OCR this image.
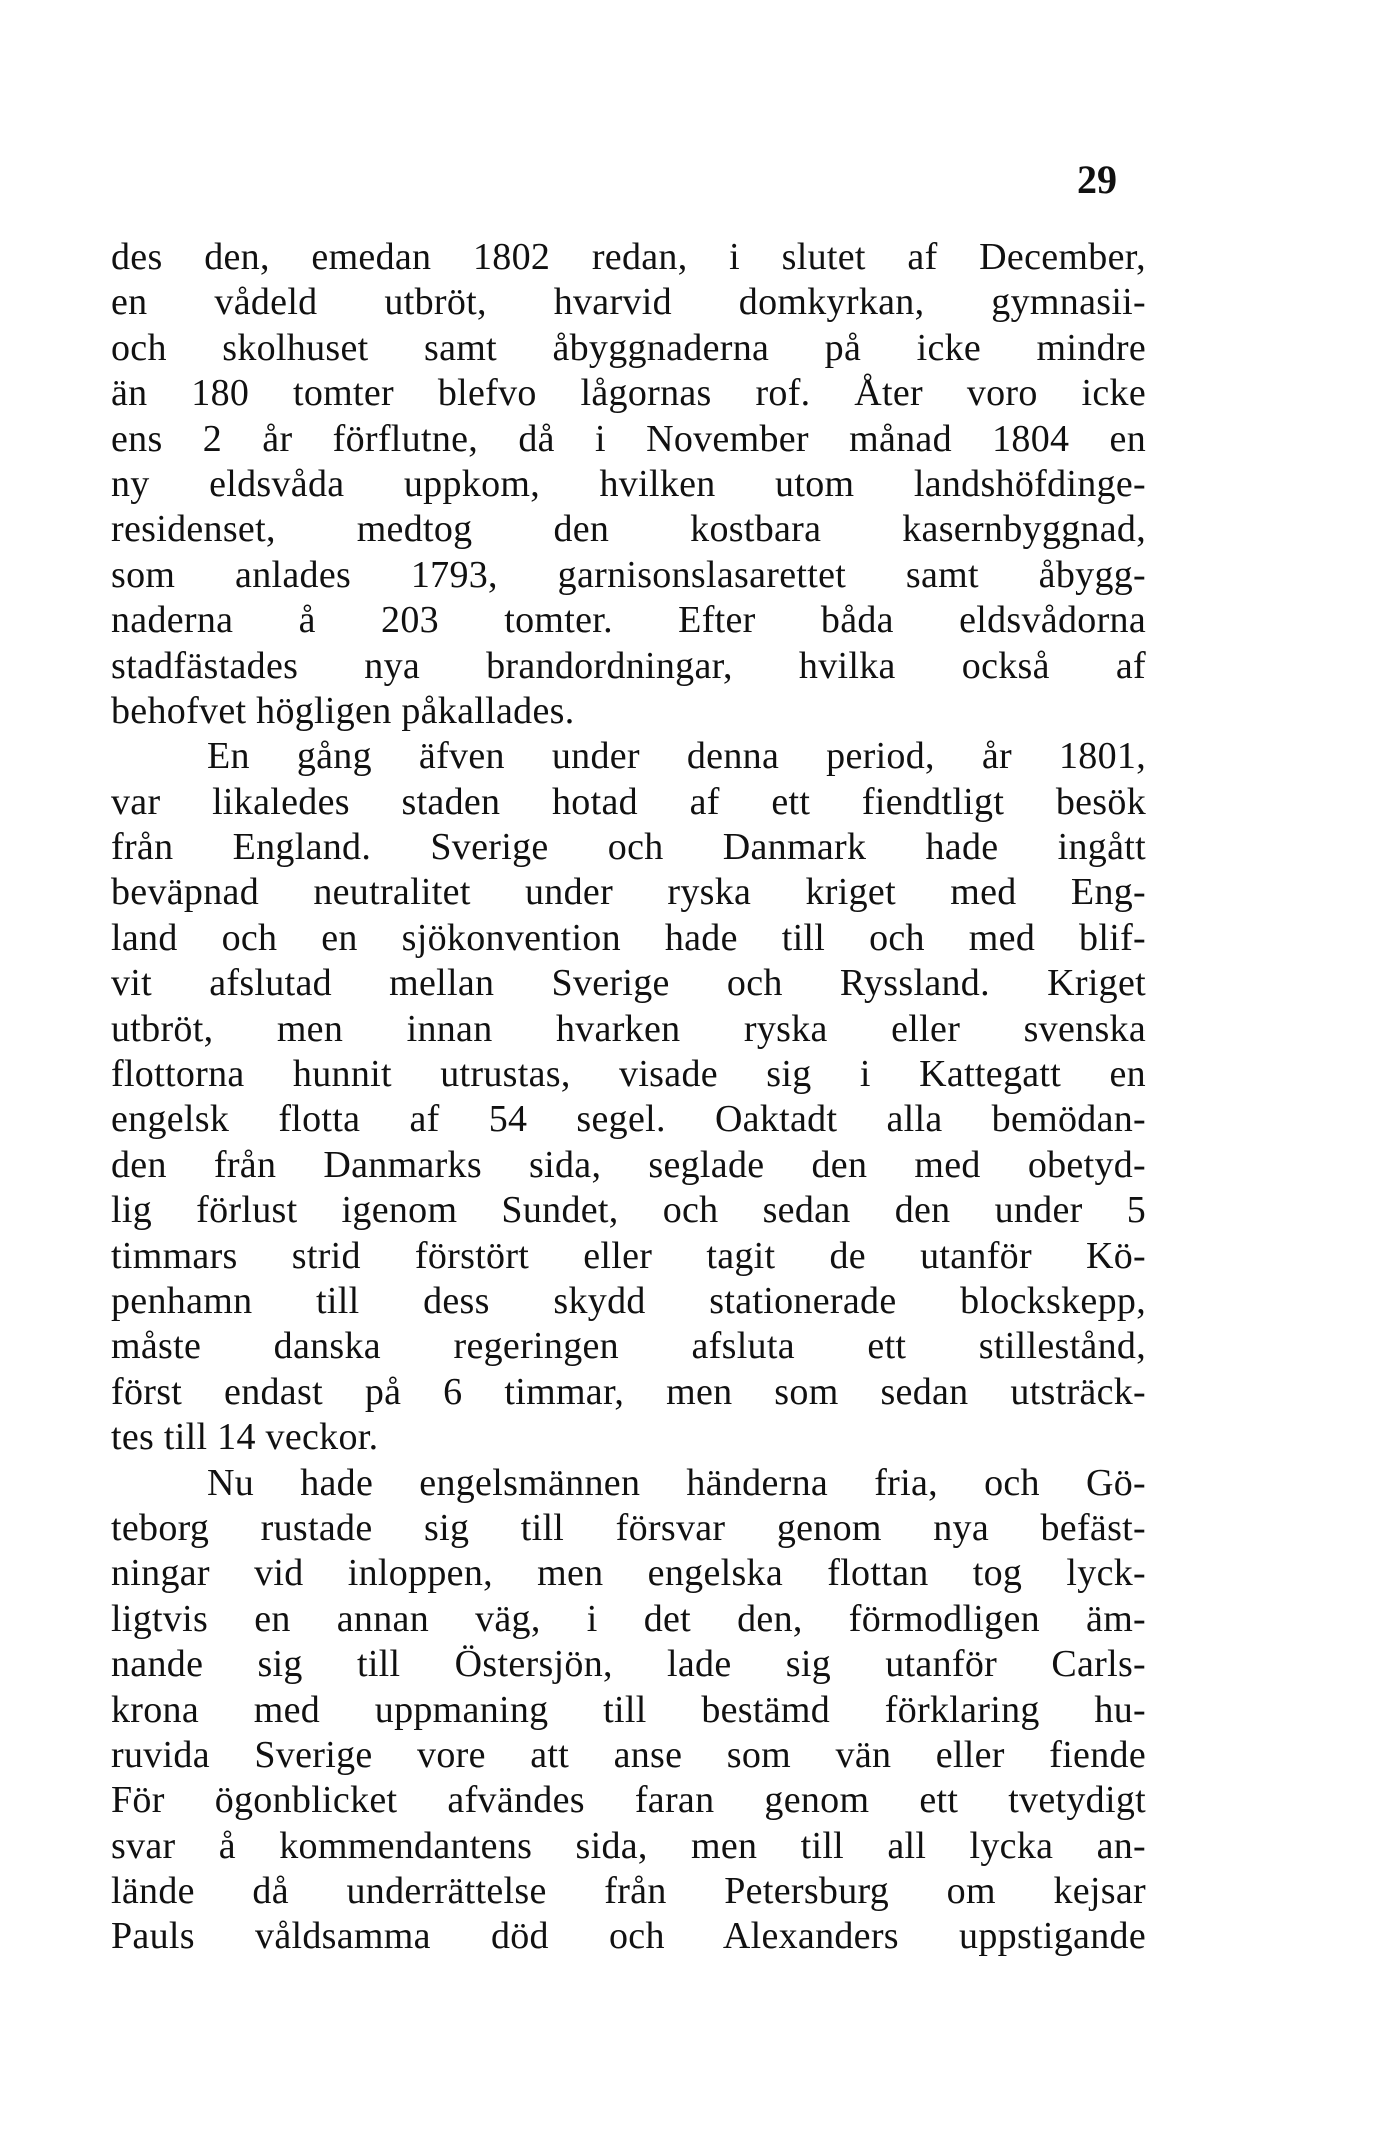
29
des den, emedan 1802 redan, i slutet af December,
en vådeld utbröt, hvarvid domkyrkan, gymnasii-
och skolhuset samt åbyggnaderna på icke mindre
än 180 tomter blefvo lågornas rof. Åter voro icke
ens 2 år förflutne, då i November månad 1804 en
ny eldsvåda uppkom, hvilken utom landshöfdinge-
residenset, medtog den kostbara kasernbyggnad,
som anlades 1793, garnisonslasarettet samt åbygg-
naderna å 203 tomter. Efter båda eldsvådorna
stadfästades nya brandordningar, hvilka också af
behofvet högligen påkallades.
En gång äfven under denna period, år 1801,
var likaledes staden hotad af ett fiendtligt besök
från England. Sverige och Danmark hade ingått
beväpnad neutralitet under ryska kriget med Eng-
land och en sjökonvention hade till och med blif-
vit afslutad mellan Sverige och Ryssland. Kriget
utbröt, men innan hvarken ryska eller svenska
flottorna hunnit utrustas, visade sig i Kattegatt en
engelsk flotta af 54 segel. Oaktadt alla bemödan-
den från Danmarks sida, seglade den med obetyd-
lig förlust igenom Sundet, och sedan den under 5
timmars strid förstört eller tagit de utanför Kö-
penhamn till dess skydd stationerade blockskepp,
måste danska regeringen afsluta ett stillestånd,
först endast på 6 timmar, men som sedan utsträck-
tes till 14 veckor.
Nu hade engelsmännen händerna fria, och Gö-
teborg rustade sig till försvar genom nya befäst-
ningar vid inloppen, men engelska flottan tog lyck-
ligtvis en annan väg, i det den, förmodligen äm-
nande sig till Östersjön, lade sig utanför Carls-
krona med uppmaning till bestämd förklaring hu-
ruvida Sverige vore att anse som vän eller fiende
För ögonblicket afvändes faran genom ett tvetydigt
svar å kommendantens sida, men till all lycka an-
lände då underrättelse från Petersburg om kejsar
Pauls våldsamma död och Alexanders uppstigande
